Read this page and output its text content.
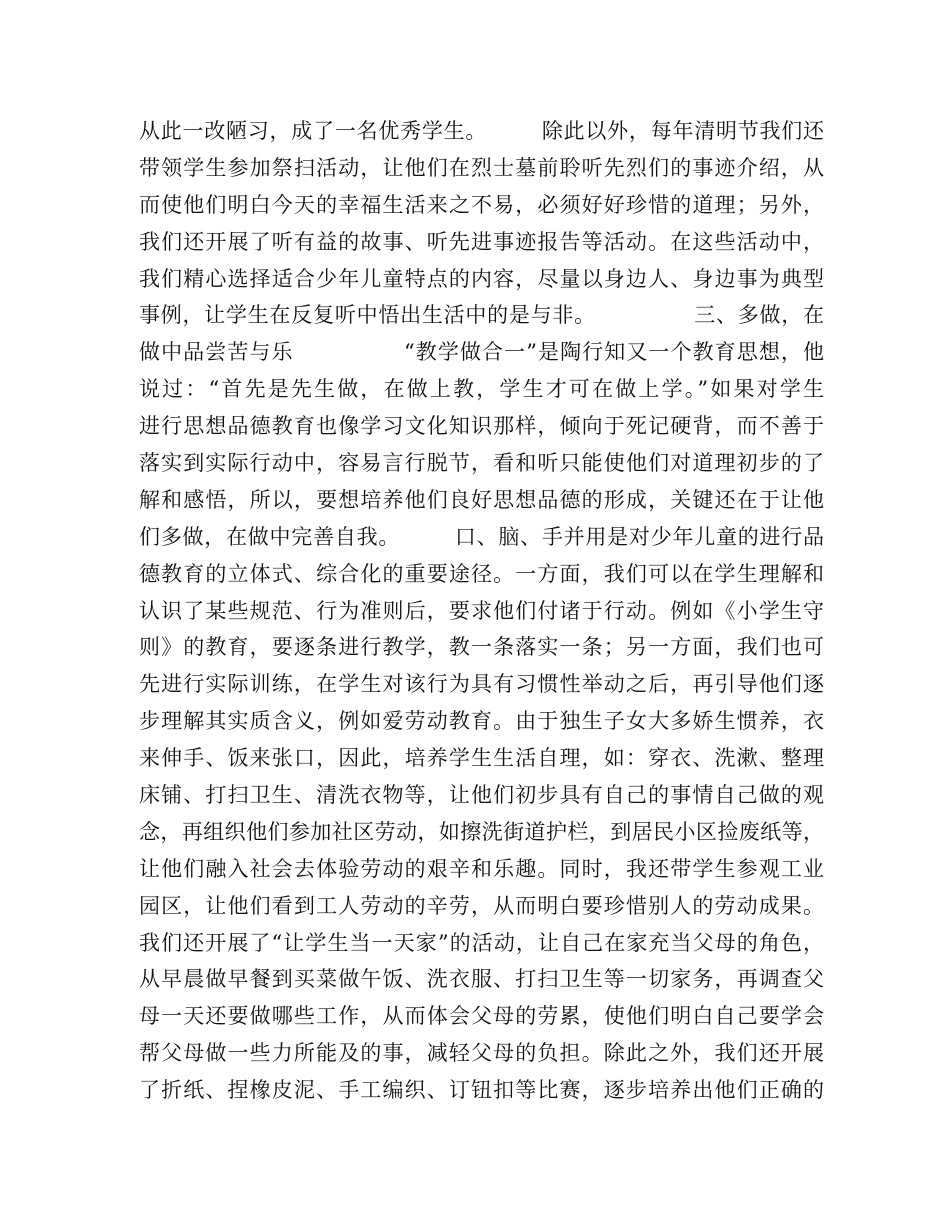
从此一改陋习，成了一名优秀学生。　　　除此以外，每年清明节我们还
带领学生参加祭扫活动，让他们在烈士墓前聆听先烈们的事迹介绍，从
而使他们明白今天的幸福生活来之不易，必须好好珍惜的道理；另外，
我们还开展了听有益的故事、听先进事迹报告等活动。在这些活动中，
我们精心选择适合少年儿童特点的内容，尽量以身边人、身边事为典型
事例，让学生在反复听中悟出生活中的是与非。　　　　　三、多做，在
做中品尝苦与乐　　　　　“教学做合一”是陶行知又一个教育思想，他
说过：“首先是先生做，在做上教，学生才可在做上学。”如果对学生
进行思想品德教育也像学习文化知识那样，倾向于死记硬背，而不善于
落实到实际行动中，容易言行脱节，看和听只能使他们对道理初步的了
解和感悟，所以，要想培养他们良好思想品德的形成，关键还在于让他
们多做，在做中完善自我。　　　口、脑、手并用是对少年儿童的进行品
德教育的立体式、综合化的重要途径。一方面，我们可以在学生理解和
认识了某些规范、行为准则后，要求他们付诸于行动。例如《小学生守
则》的教育，要逐条进行教学，教一条落实一条；另一方面，我们也可
先进行实际训练，在学生对该行为具有习惯性举动之后，再引导他们逐
步理解其实质含义，例如爱劳动教育。由于独生子女大多娇生惯养，衣
来伸手、饭来张口，因此，培养学生生活自理，如：穿衣、洗漱、整理
床铺、打扫卫生、清洗衣物等，让他们初步具有自己的事情自己做的观
念，再组织他们参加社区劳动，如擦洗街道护栏，到居民小区捡废纸等，
让他们融入社会去体验劳动的艰辛和乐趣。同时，我还带学生参观工业
园区，让他们看到工人劳动的辛劳，从而明白要珍惜别人的劳动成果。
我们还开展了“让学生当一天家”的活动，让自己在家充当父母的角色，
从早晨做早餐到买菜做午饭、洗衣服、打扫卫生等一切家务，再调查父
母一天还要做哪些工作，从而体会父母的劳累，使他们明白自己要学会
帮父母做一些力所能及的事，减轻父母的负担。除此之外，我们还开展
了折纸、捏橡皮泥、手工编织、订钮扣等比赛，逐步培养出他们正确的
